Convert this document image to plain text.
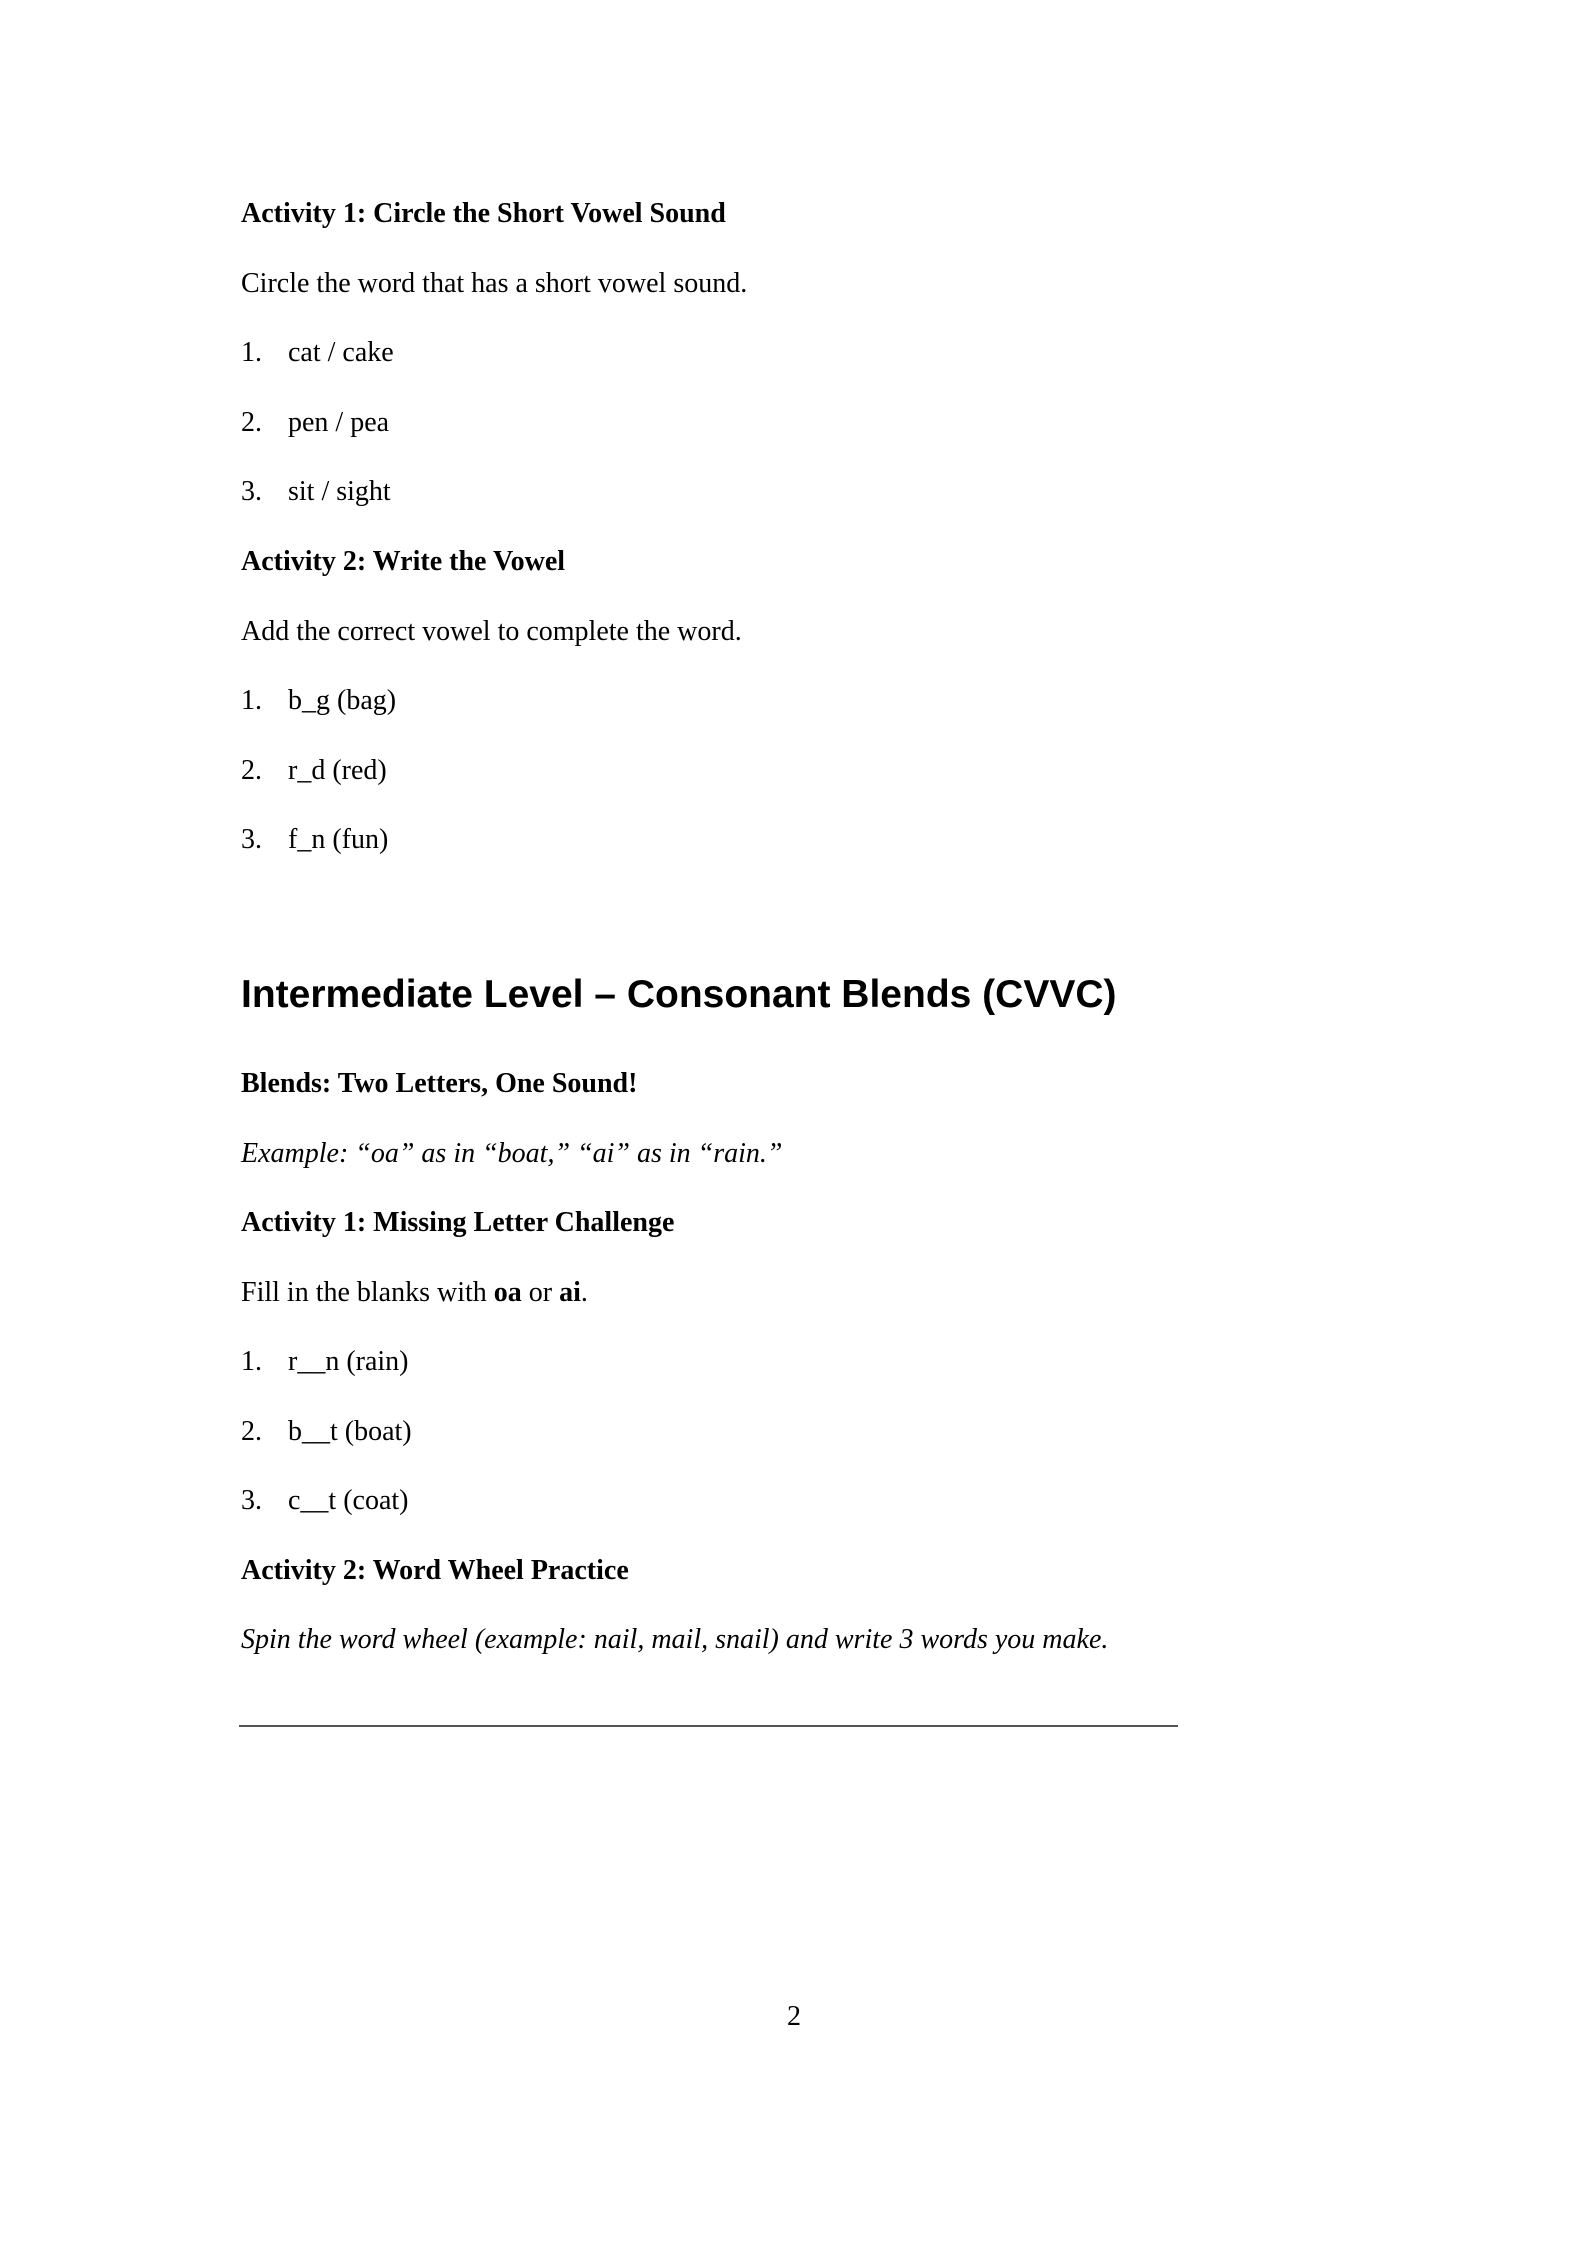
Activity 1: Circle the Short Vowel Sound
Circle the word that has a short vowel sound.
1. cat / cake
2. pen / pea
3. sit / sight
Activity 2: Write the Vowel
Add the correct vowel to complete the word.
1. b_g (bag)
2. r_d (red)
3. f_n (fun)
Intermediate Level – Consonant Blends (CVVC)
Blends: Two Letters, One Sound!
Example: “oa” as in “boat,” “ai” as in “rain.”
Activity 1: Missing Letter Challenge
Fill in the blanks with oa or ai.
1. r__n (rain)
2. b__t (boat)
3. c__t (coat)
Activity 2: Word Wheel Practice
Spin the word wheel (example: nail, mail, snail) and write 3 words you make.
2
